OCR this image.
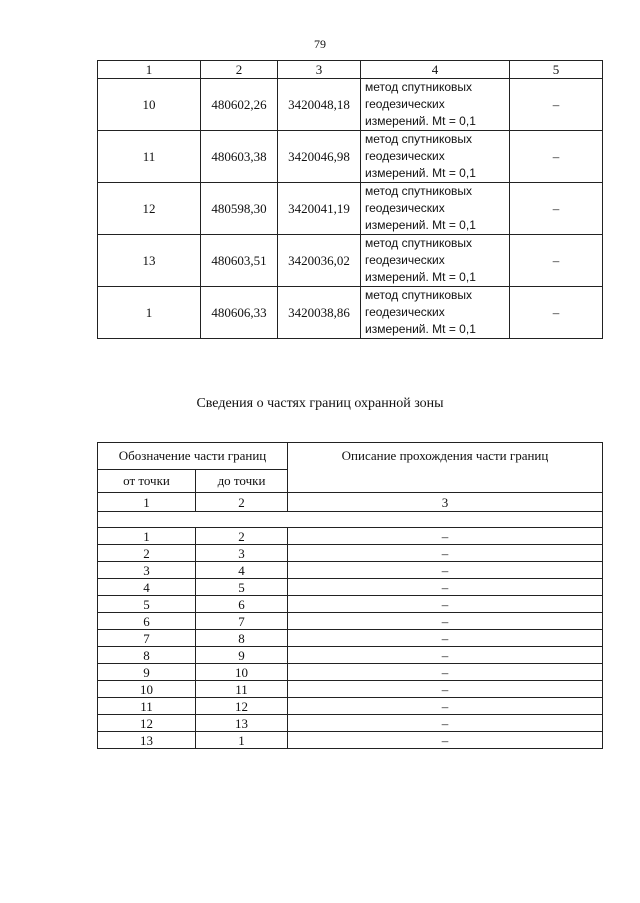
79
1	2	3	4	5
10	480602,26	3420048,18	метод спутниковых
геодезических
измерений. Mt = 0,1	–
11	480603,38	3420046,98	метод спутниковых
геодезических
измерений. Mt = 0,1	–
12	480598,30	3420041,19	метод спутниковых
геодезических
измерений. Mt = 0,1	–
13	480603,51	3420036,02	метод спутниковых
геодезических
измерений. Mt = 0,1	–
1	480606,33	3420038,86	метод спутниковых
геодезических
измерений. Mt = 0,1	–
Сведения о частях границ охранной зоны
Обозначение части границ		Описание прохождения части границ
от точки	до точки	
1	2	3

1	2	–
2	3	–
3	4	–
4	5	–
5	6	–
6	7	–
7	8	–
8	9	–
9	10	–
10	11	–
11	12	–
12	13	–
13	1	–
